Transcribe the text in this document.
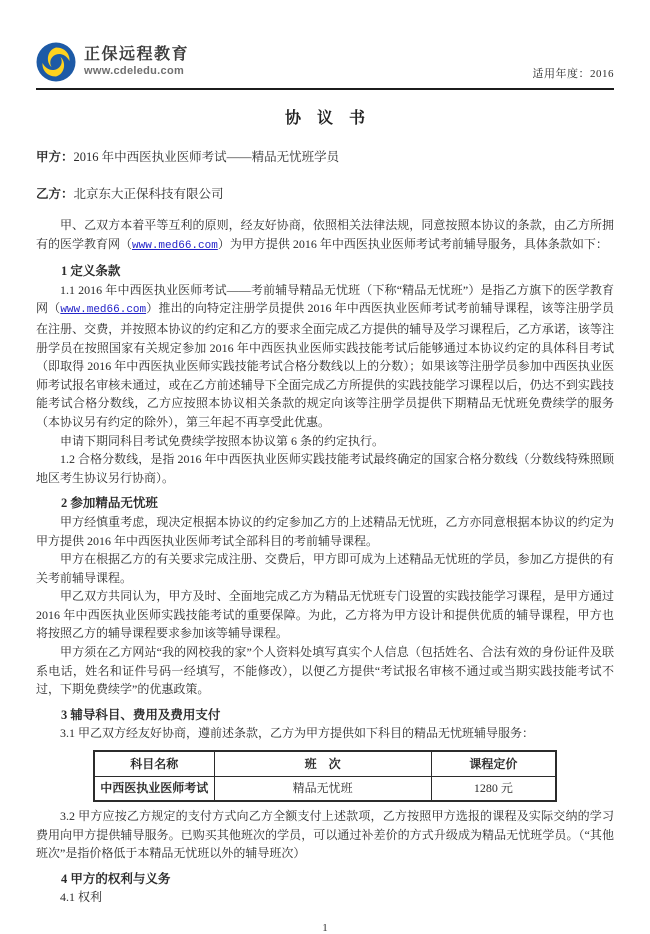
正保远程教育
www.cdeledu.com	适用年度：2016
协 议 书
甲方：2016 年中西医执业医师考试——精品无忧班学员
乙方：北京东大正保科技有限公司

甲、乙双方本着平等互利的原则，经友好协商，依照相关法律法规，同意按照本协议的条款，由乙方所拥有的医学教育网（www.med66.com）为甲方提供 2016 年中西医执业医师考试考前辅导服务，具体条款如下：

1 定义条款

1.1 2016 年中西医执业医师考试——考前辅导精品无忧班（下称“精品无忧班”）是指乙方旗下的医学教育网（www.med66.com）推出的向特定注册学员提供 2016 年中西医执业医师考试考前辅导课程，该等注册学员在注册、交费，并按照本协议的约定和乙方的要求全面完成乙方提供的辅导及学习课程后，乙方承诺，该等注册学员在按照国家有关规定参加 2016 年中西医执业医师实践技能考试后能够通过本协议约定的具体科目考试（即取得 2016 年中西医执业医师实践技能考试合格分数线以上的分数）；如果该等注册学员参加中西医执业医师考试报名审核未通过，或在乙方前述辅导下全面完成乙方所提供的实践技能学习课程以后，仍达不到实践技能考试合格分数线，乙方应按照本协议相关条款的规定向该等注册学员提供下期精品无忧班免费续学的服务（本协议另有约定的除外），第三年起不再享受此优惠。

申请下期同科目考试免费续学按照本协议第 6 条的约定执行。

1.2 合格分数线，是指 2016 年中西医执业医师实践技能考试最终确定的国家合格分数线（分数线特殊照顾地区考生协议另行协商）。

2 参加精品无忧班

甲方经慎重考虑，现决定根据本协议的约定参加乙方的上述精品无忧班，乙方亦同意根据本协议的约定为甲方提供 2016 年中西医执业医师考试全部科目的考前辅导课程。

甲方在根据乙方的有关要求完成注册、交费后，甲方即可成为上述精品无忧班的学员，参加乙方提供的有关考前辅导课程。

甲乙双方共同认为，甲方及时、全面地完成乙方为精品无忧班专门设置的实践技能学习课程，是甲方通过 2016 年中西医执业医师实践技能考试的重要保障。为此，乙方将为甲方设计和提供优质的辅导课程，甲方也将按照乙方的辅导课程要求参加该等辅导课程。

甲方须在乙方网站“我的网校我的家”个人资料处填写真实个人信息（包括姓名、合法有效的身份证件及联系电话，姓名和证件号码一经填写，不能修改），以便乙方提供“考试报名审核不通过或当期实践技能考试不过，下期免费续学”的优惠政策。

3 辅导科目、费用及费用支付

3.1 甲乙双方经友好协商，遵前述条款，乙方为甲方提供如下科目的精品无忧班辅导服务：

科目名称	班　次	课程定价
中西医执业医师考试	精品无忧班	1280 元

3.2 甲方应按乙方规定的支付方式向乙方全额支付上述款项，乙方按照甲方选报的课程及实际交纳的学习费用向甲方提供辅导服务。已购买其他班次的学员，可以通过补差价的方式升级成为精品无忧班学员。（“其他班次”是指价格低于本精品无忧班以外的辅导班次）

4 甲方的权利与义务

4.1 权利

1
